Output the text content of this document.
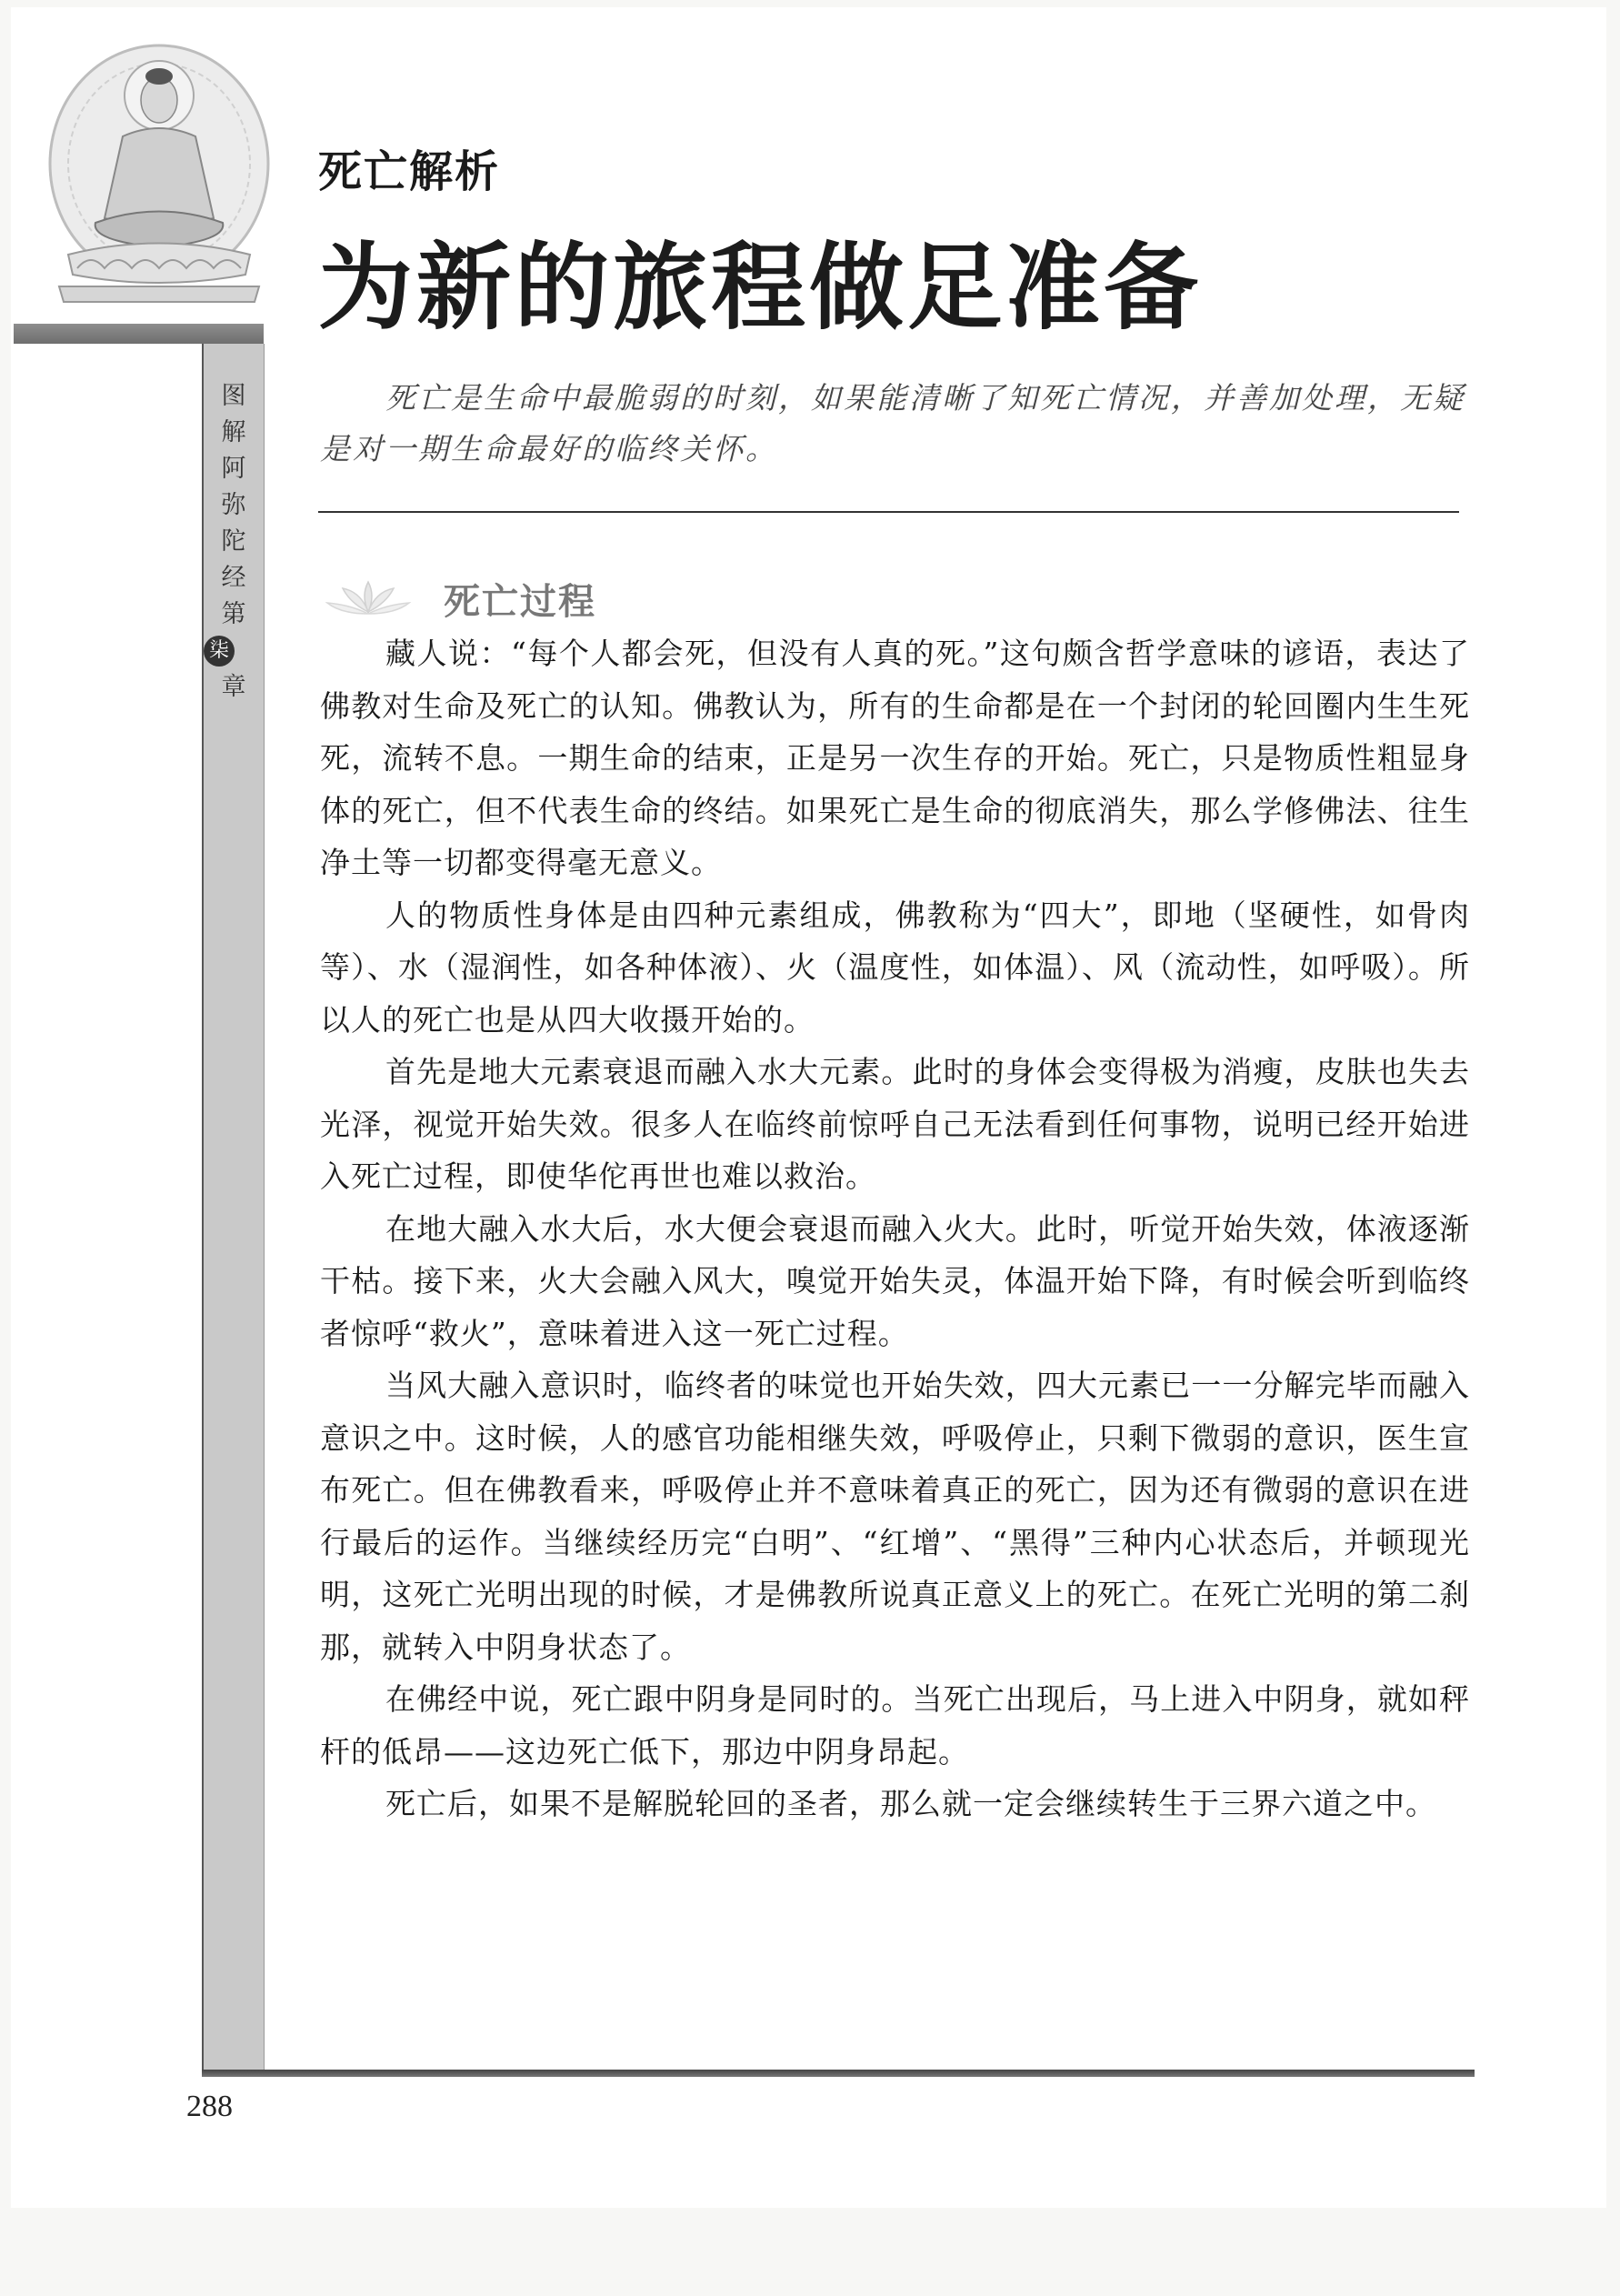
图
解
阿
弥
陀
经
第
柒
章
死亡解析
为新的旅程做足准备
死亡是生命中最脆弱的时刻，如果能清晰了知死亡情况，并善加处理，无疑是对一期生命最好的临终关怀。
死亡过程

藏人说：“每个人都会死，但没有人真的死。”这句颇含哲学意味的谚语，表达了佛教对生命及死亡的认知。佛教认为，所有的生命都是在一个封闭的轮回圈内生生死死，流转不息。一期生命的结束，正是另一次生存的开始。死亡，只是物质性粗显身体的死亡，但不代表生命的终结。如果死亡是生命的彻底消失，那么学修佛法、往生净土等一切都变得毫无意义。

人的物质性身体是由四种元素组成，佛教称为“四大”，即地（坚硬性，如骨肉等）、水（湿润性，如各种体液）、火（温度性，如体温）、风（流动性，如呼吸）。所以人的死亡也是从四大收摄开始的。

首先是地大元素衰退而融入水大元素。此时的身体会变得极为消瘦，皮肤也失去光泽，视觉开始失效。很多人在临终前惊呼自己无法看到任何事物，说明已经开始进入死亡过程，即使华佗再世也难以救治。

在地大融入水大后，水大便会衰退而融入火大。此时，听觉开始失效，体液逐渐干枯。接下来，火大会融入风大，嗅觉开始失灵，体温开始下降，有时候会听到临终者惊呼“救火”，意味着进入这一死亡过程。

当风大融入意识时，临终者的味觉也开始失效，四大元素已一一分解完毕而融入意识之中。这时候，人的感官功能相继失效，呼吸停止，只剩下微弱的意识，医生宣布死亡。但在佛教看来，呼吸停止并不意味着真正的死亡，因为还有微弱的意识在进行最后的运作。当继续经历完“白明”、“红增”、“黑得”三种内心状态后，并顿现光明，这死亡光明出现的时候，才是佛教所说真正意义上的死亡。在死亡光明的第二刹那，就转入中阴身状态了。

在佛经中说，死亡跟中阴身是同时的。当死亡出现后，马上进入中阴身，就如秤杆的低昂——这边死亡低下，那边中阴身昂起。

死亡后，如果不是解脱轮回的圣者，那么就一定会继续转生于三界六道之中。

288
